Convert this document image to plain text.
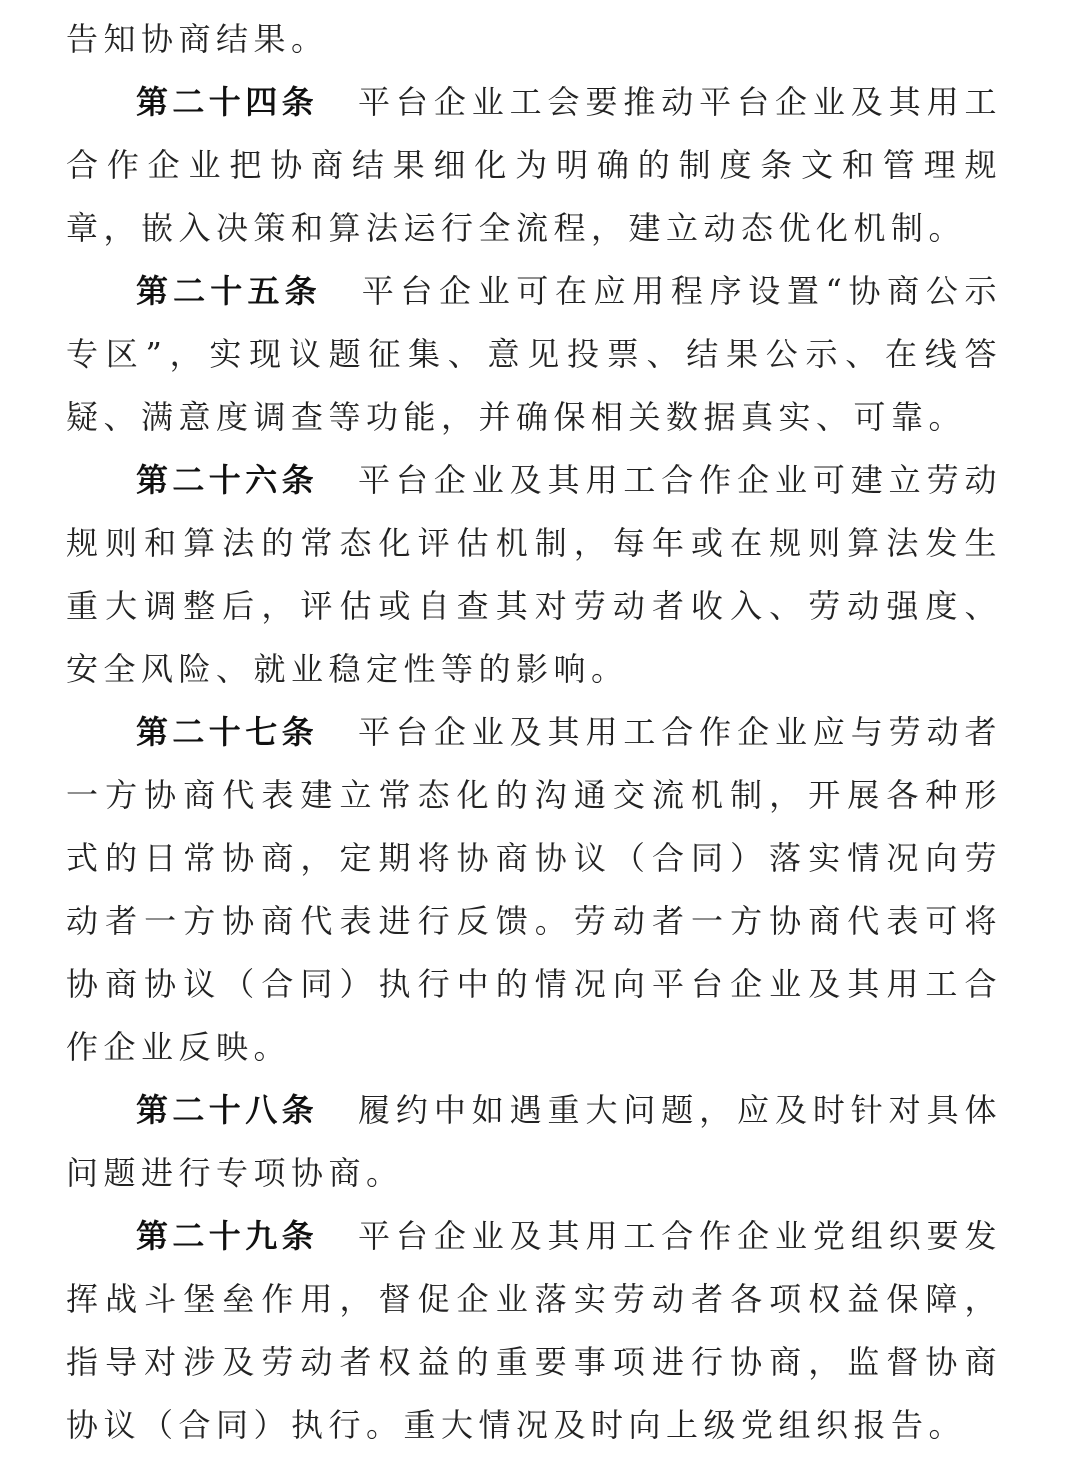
告知协商结果。

第二十四条 平台企业工会要推动平台企业及其用工合作企业把协商结果细化为明确的制度条文和管理规章，嵌入决策和算法运行全流程，建立动态优化机制。

第二十五条 平台企业可在应用程序设置“协商公示专区”，实现议题征集、意见投票、结果公示、在线答疑、满意度调查等功能，并确保相关数据真实、可靠。

第二十六条 平台企业及其用工合作企业可建立劳动规则和算法的常态化评估机制，每年或在规则算法发生重大调整后，评估或自查其对劳动者收入、劳动强度、安全风险、就业稳定性等的影响。

第二十七条 平台企业及其用工合作企业应与劳动者一方协商代表建立常态化的沟通交流机制，开展各种形式的日常协商，定期将协商协议（合同）落实情况向劳动者一方协商代表进行反馈。劳动者一方协商代表可将协商协议（合同）执行中的情况向平台企业及其用工合作企业反映。

第二十八条 履约中如遇重大问题，应及时针对具体问题进行专项协商。

第二十九条 平台企业及其用工合作企业党组织要发挥战斗堡垒作用，督促企业落实劳动者各项权益保障，指导对涉及劳动者权益的重要事项进行协商，监督协商协议（合同）执行。重大情况及时向上级党组织报告。
